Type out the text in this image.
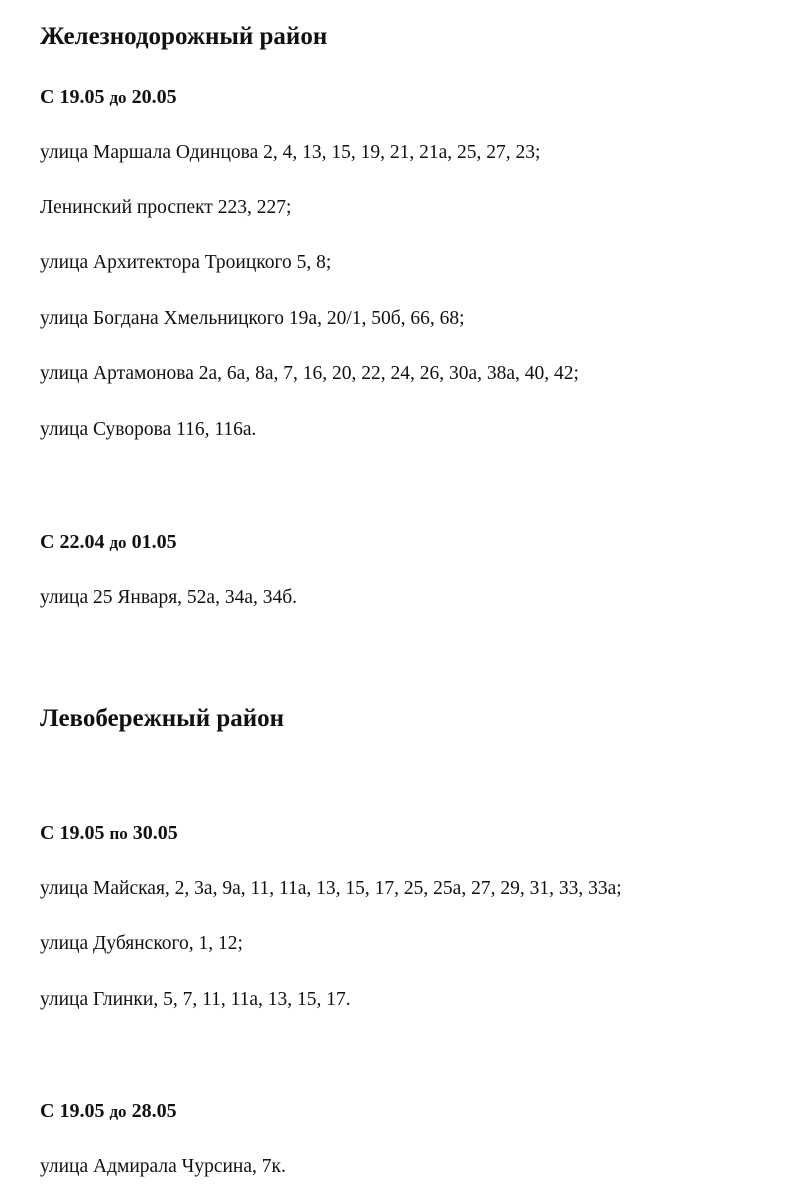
Железнодорожный район

С 19.05 до 20.05

улица Маршала Одинцова 2, 4, 13, 15, 19, 21, 21а, 25, 27, 23;

Ленинский проспект 223, 227;

улица Архитектора Троицкого 5, 8;

улица Богдана Хмельницкого 19а, 20/1, 50б, 66, 68;

улица Артамонова 2а, 6а, 8а, 7, 16, 20, 22, 24, 26, 30а, 38а, 40, 42;

улица Суворова 116, 116а.

С 22.04 до 01.05

улица 25 Января, 52а, 34а, 34б.

Левобережный район

С 19.05 по 30.05

улица Майская, 2, 3а, 9а, 11, 11а, 13, 15, 17, 25, 25а, 27, 29, 31, 33, 33а;

улица Дубянского, 1, 12;

улица Глинки, 5, 7, 11, 11а, 13, 15, 17.

С 19.05 до 28.05

улица Адмирала Чурсина, 7к.
